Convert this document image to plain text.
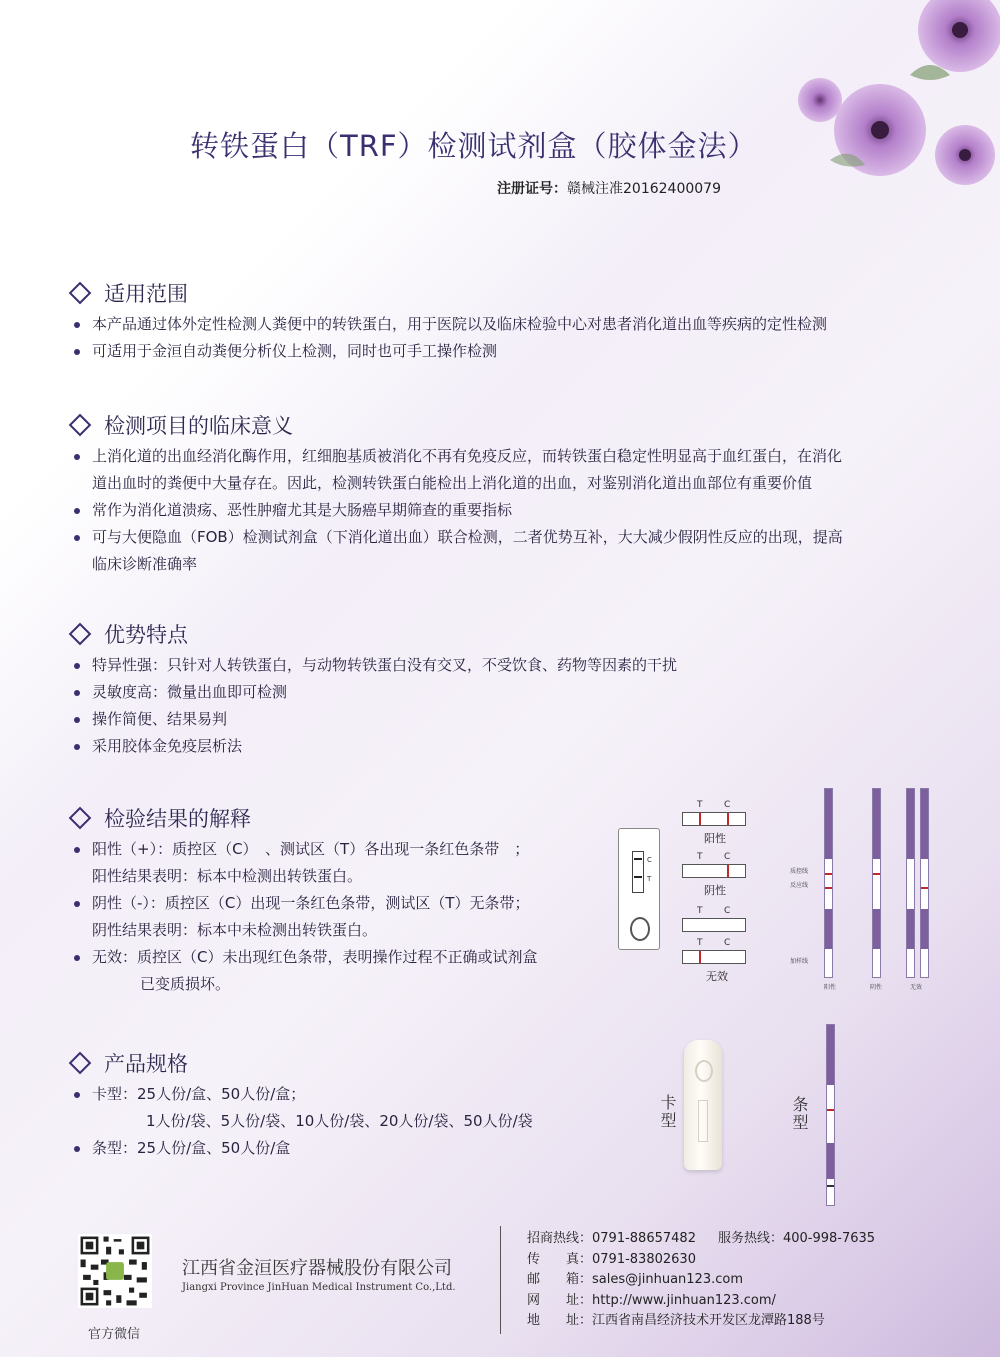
转铁蛋白（TRF）检测试剂盒（胶体金法）
注册证号：赣械注准20162400079
适用范围
本产品通过体外定性检测人粪便中的转铁蛋白，用于医院以及临床检验中心对患者消化道出血等疾病的定性检测
可适用于金洹自动粪便分析仪上检测，同时也可手工操作检测
检测项目的临床意义
上消化道的出血经消化酶作用，红细胞基质被消化不再有免疫反应，而转铁蛋白稳定性明显高于血红蛋白，在消化
道出血时的粪便中大量存在。因此，检测转铁蛋白能检出上消化道的出血，对鉴别消化道出血部位有重要价值
常作为消化道溃疡、恶性肿瘤尤其是大肠癌早期筛查的重要指标
可与大便隐血（FOB）检测试剂盒（下消化道出血）联合检测，二者优势互补，大大减少假阴性反应的出现，提高
临床诊断准确率
优势特点
特异性强：只针对人转铁蛋白，与动物转铁蛋白没有交叉，不受饮食、药物等因素的干扰
灵敏度高：微量出血即可检测
操作简便、结果易判
采用胶体金免疫层析法
检验结果的解释
阳性（+）：质控区（C）　、测试区（T）各出现一条红色条带　；
阳性结果表明：标本中检测出转铁蛋白。
阴性（-）：质控区（C）出现一条红色条带，测试区（T）无条带；
阴性结果表明：标本中未检测出转铁蛋白。
无效：质控区（C）未出现红色条带，表明操作过程不正确或试剂盒
已变质损坏。
C
T
T C
阳性
T C
阴性
T C
T C
无效
质控线
反应线
加样线
阳性	阴性	无效
产品规格
卡型：25人份/盒、50人份/盒；
1人份/袋、5人份/袋、10人份/袋、20人份/袋、50人份/袋
条型：25人份/盒、50人份/盒
卡型	条型
官方微信
江西省金洹医疗器械股份有限公司
Jiangxi Province JinHuan Medical Instrument Co.,Ltd.
招商热线：0791-88657482 服务热线：400-998-7635
传　　真：0791-83802630
邮　　箱：sales@jinhuan123.com
网　　址：http://www.jinhuan123.com/
地　　址：江西省南昌经济技术开发区龙潭路188号
